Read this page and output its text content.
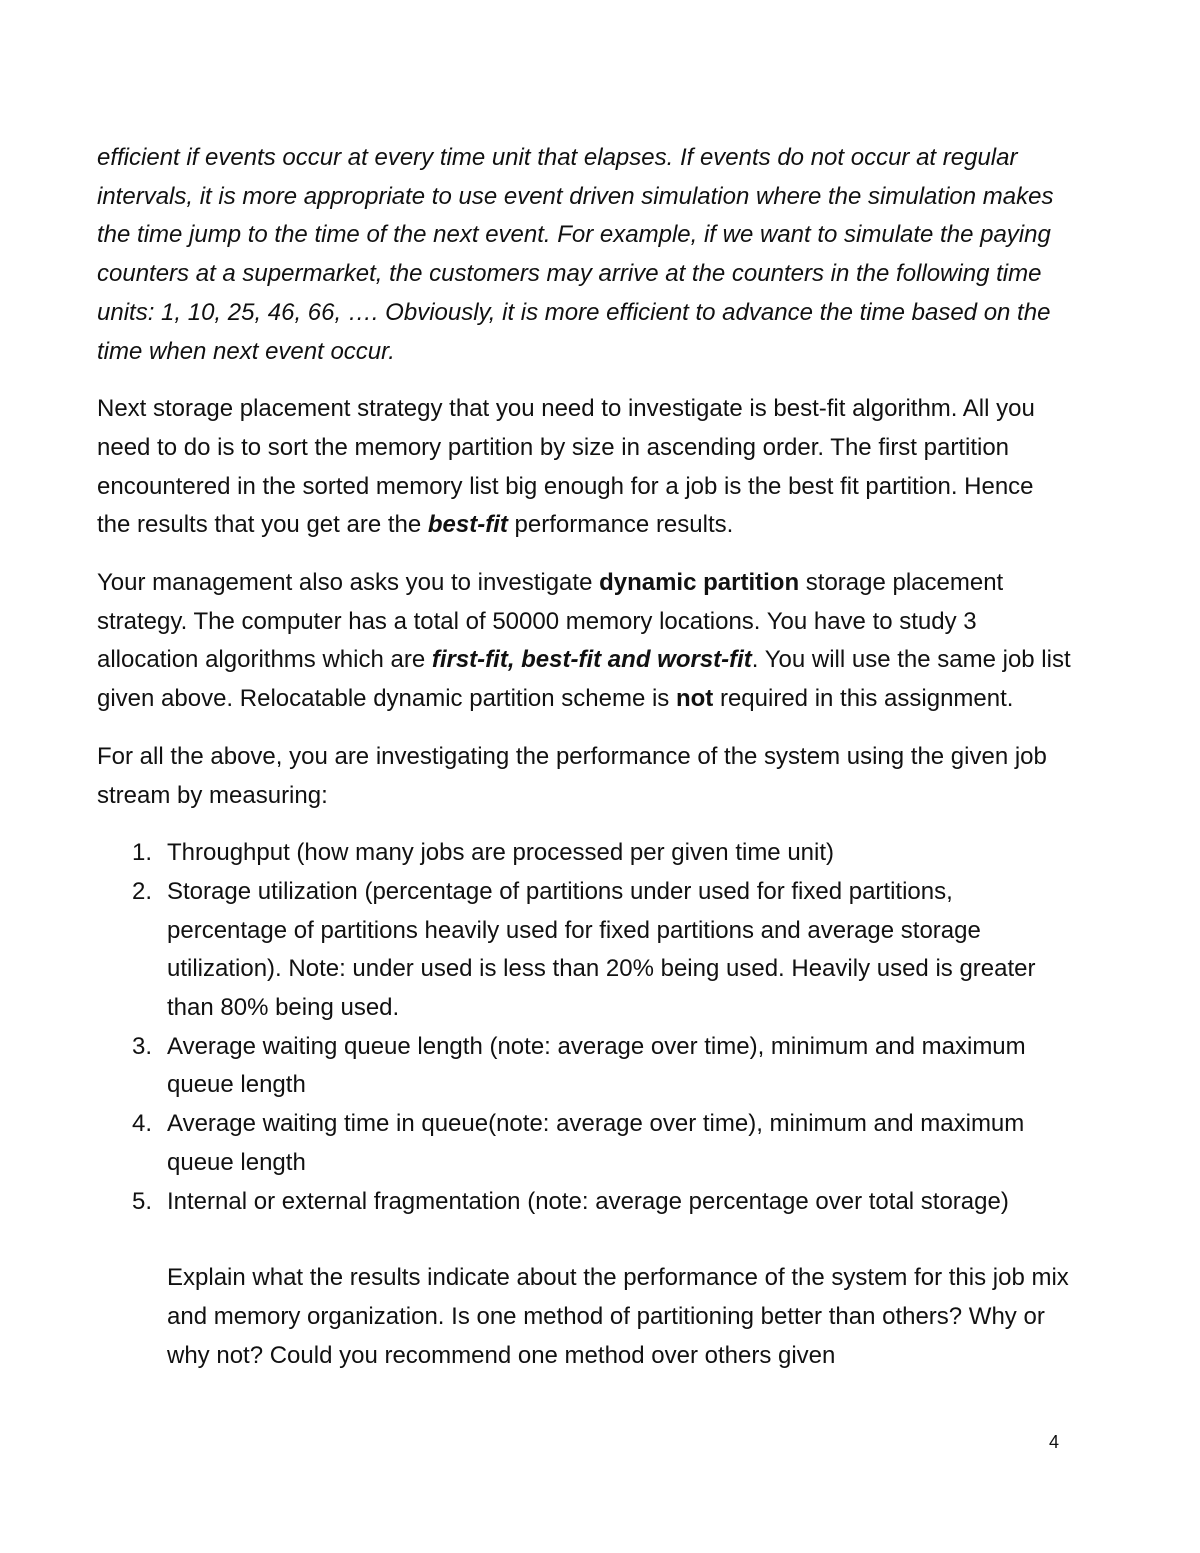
efficient if events occur at every time unit that elapses. If events do not occur at regular intervals, it is more appropriate to use event driven simulation where the simulation makes the time jump to the time of the next event. For example, if we want to simulate the paying counters at a supermarket, the customers may arrive at the counters in the following time units: 1, 10, 25, 46, 66, …. Obviously, it is more efficient to advance the time based on the time when next event occur.

Next storage placement strategy that you need to investigate is best-fit algorithm. All you need to do is to sort the memory partition by size in ascending order. The first partition encountered in the sorted memory list big enough for a job is the best fit partition. Hence the results that you get are the best-fit performance results.

Your management also asks you to investigate dynamic partition storage placement strategy. The computer has a total of 50000 memory locations. You have to study 3 allocation algorithms which are first-fit, best-fit and worst-fit. You will use the same job list given above. Relocatable dynamic partition scheme is not required in this assignment.

For all the above, you are investigating the performance of the system using the given job stream by measuring:

1. Throughput (how many jobs are processed per given time unit)
2. Storage utilization (percentage of partitions under used for fixed partitions, percentage of partitions heavily used for fixed partitions and average storage utilization). Note: under used is less than 20% being used. Heavily used is greater than 80% being used.
3. Average waiting queue length (note: average over time), minimum and maximum queue length
4. Average waiting time in queue(note: average over time), minimum and maximum queue length
5. Internal or external fragmentation (note: average percentage over total storage)

Explain what the results indicate about the performance of the system for this job mix and memory organization. Is one method of partitioning better than others? Why or why not? Could you recommend one method over others given

4
